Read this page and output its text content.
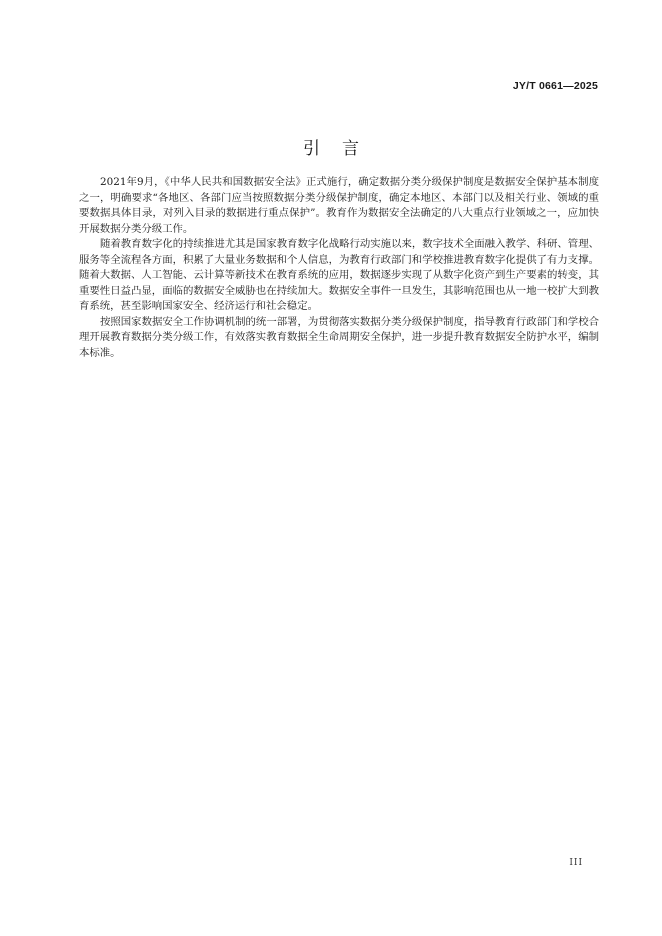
JY/T 0661—2025
引言

2021年9月，《中华人民共和国数据安全法》正式施行，确定数据分类分级保护制度是数据安全保护基本制度之一，明确要求“各地区、各部门应当按照数据分类分级保护制度，确定本地区、本部门以及相关行业、领域的重要数据具体目录，对列入目录的数据进行重点保护”。教育作为数据安全法确定的八大重点行业领域之一，应加快开展数据分类分级工作。

随着教育数字化的持续推进尤其是国家教育数字化战略行动实施以来，数字技术全面融入教学、科研、管理、服务等全流程各方面，积累了大量业务数据和个人信息，为教育行政部门和学校推进教育数字化提供了有力支撑。随着大数据、人工智能、云计算等新技术在教育系统的应用，数据逐步实现了从数字化资产到生产要素的转变，其重要性日益凸显，面临的数据安全威胁也在持续加大。数据安全事件一旦发生，其影响范围也从一地一校扩大到教育系统，甚至影响国家安全、经济运行和社会稳定。

按照国家数据安全工作协调机制的统一部署，为贯彻落实数据分类分级保护制度，指导教育行政部门和学校合理开展教育数据分类分级工作，有效落实教育数据全生命周期安全保护，进一步提升教育数据安全防护水平，编制本标准。

III
